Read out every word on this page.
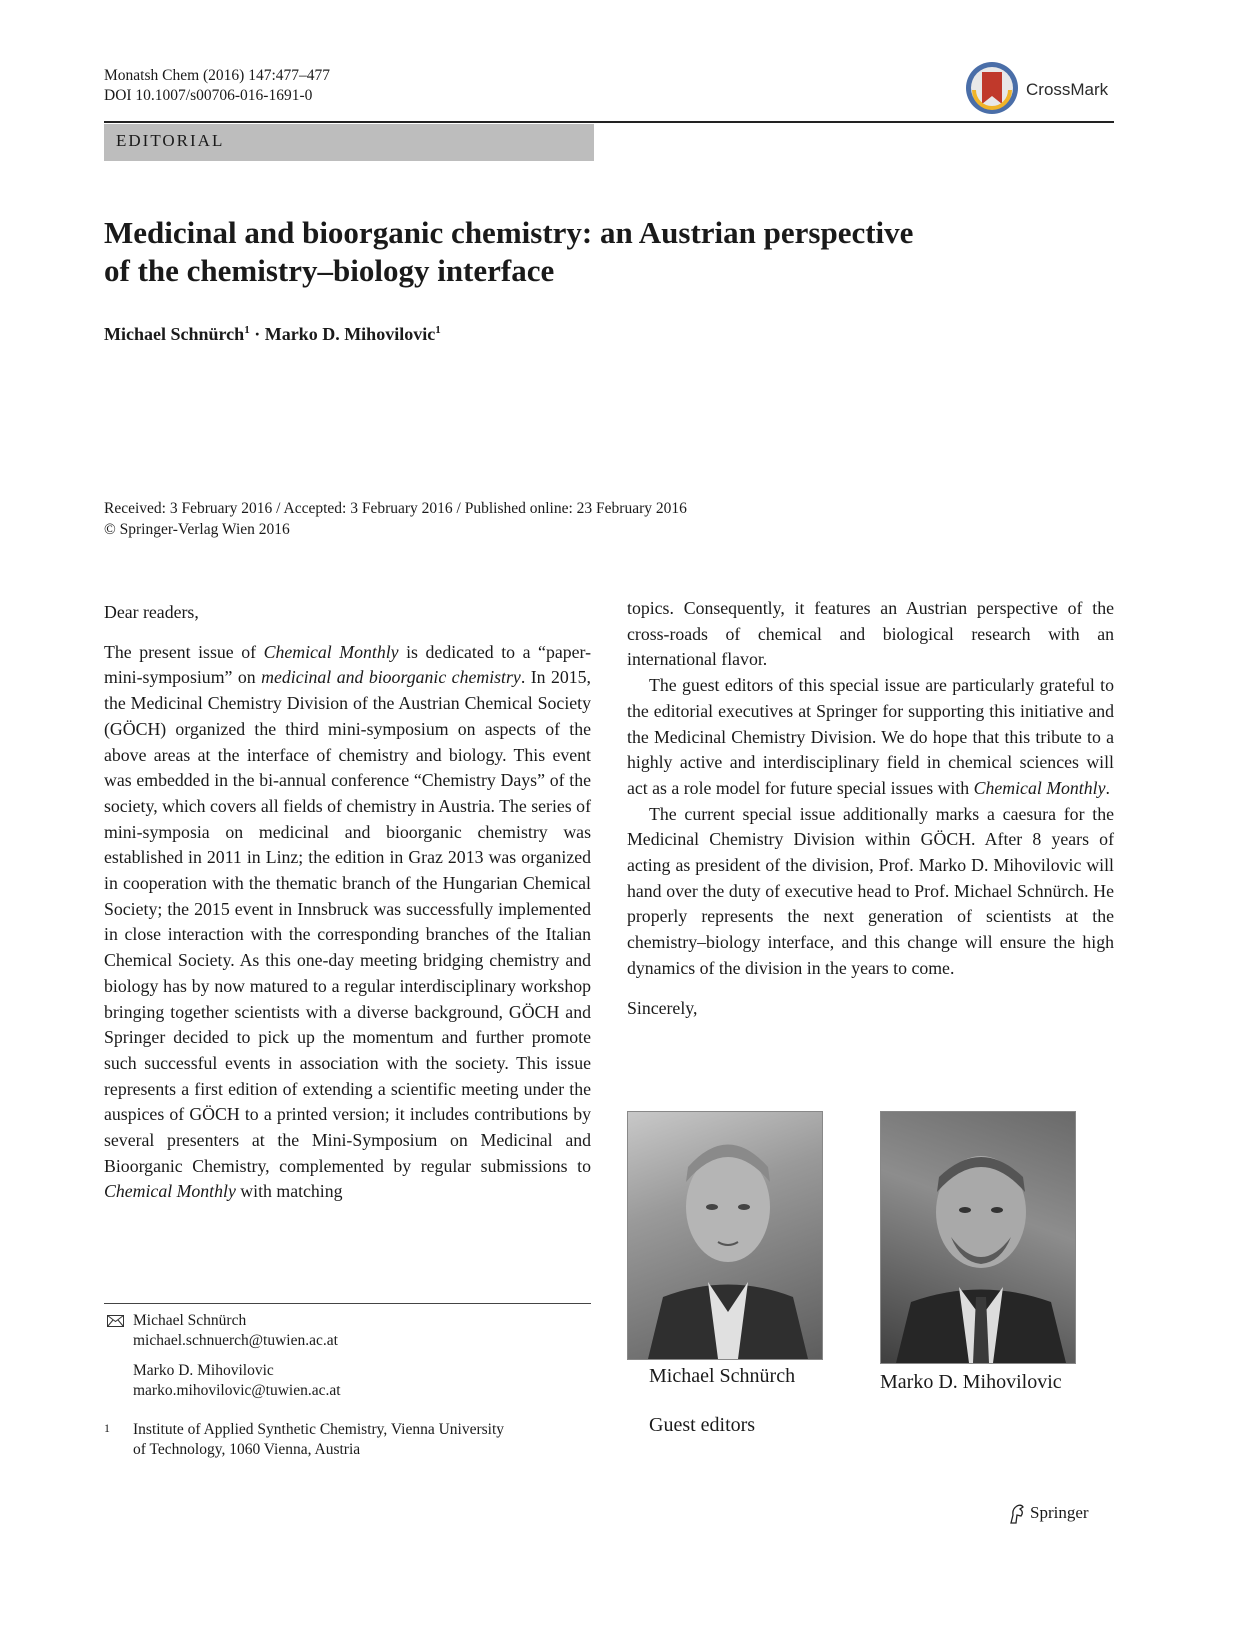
Monatsh Chem (2016) 147:477–477
DOI 10.1007/s00706-016-1691-0	CrossMark
EDITORIAL
Medicinal and bioorganic chemistry: an Austrian perspective
of the chemistry–biology interface
Michael Schnürch$^1$ · Marko D. Mihovilovic$^1$
Received: 3 February 2016 / Accepted: 3 February 2016 / Published online: 23 February 2016
© Springer-Verlag Wien 2016

Dear readers,

The present issue of Chemical Monthly is dedicated to a “paper-mini-symposium” on medicinal and bioorganic chemistry. In 2015, the Medicinal Chemistry Division of the Austrian Chemical Society (GÖCH) organized the third mini-symposium on aspects of the above areas at the interface of chemistry and biology. This event was embedded in the bi-annual conference “Chemistry Days” of the society, which covers all fields of chemistry in Austria. The series of mini-symposia on medicinal and bioorganic chemistry was established in 2011 in Linz; the edition in Graz 2013 was organized in cooperation with the thematic branch of the Hungarian Chemical Society; the 2015 event in Innsbruck was successfully implemented in close interaction with the corresponding branches of the Italian Chemical Society. As this one-day meeting bridging chemistry and biology has by now matured to a regular interdisciplinary workshop bringing together scientists with a diverse background, GÖCH and Springer decided to pick up the momentum and further promote such successful events in association with the society. This issue represents a first edition of extending a scientific meeting under the auspices of GÖCH to a printed version; it includes contributions by several presenters at the Mini-Symposium on Medicinal and Bioorganic Chemistry, complemented by regular submissions to Chemical Monthly with matching

Michael Schnürch
michael.schnuerch@tuwien.ac.at
Marko D. Mihovilovic
marko.mihovilovic@tuwien.ac.at
1 Institute of Applied Synthetic Chemistry, Vienna University
of Technology, 1060 Vienna, Austria

topics. Consequently, it features an Austrian perspective of the cross-roads of chemical and biological research with an international flavor.

The guest editors of this special issue are particularly grateful to the editorial executives at Springer for supporting this initiative and the Medicinal Chemistry Division. We do hope that this tribute to a highly active and interdisciplinary field in chemical sciences will act as a role model for future special issues with Chemical Monthly.

The current special issue additionally marks a caesura for the Medicinal Chemistry Division within GÖCH. After 8 years of acting as president of the division, Prof. Marko D. Mihovilovic will hand over the duty of executive head to Prof. Michael Schnürch. He properly represents the next generation of scientists at the chemistry–biology interface, and this change will ensure the high dynamics of the division in the years to come.

Sincerely,

Michael Schnürch	Marko D. Mihovilovic
Guest editors
Springer
